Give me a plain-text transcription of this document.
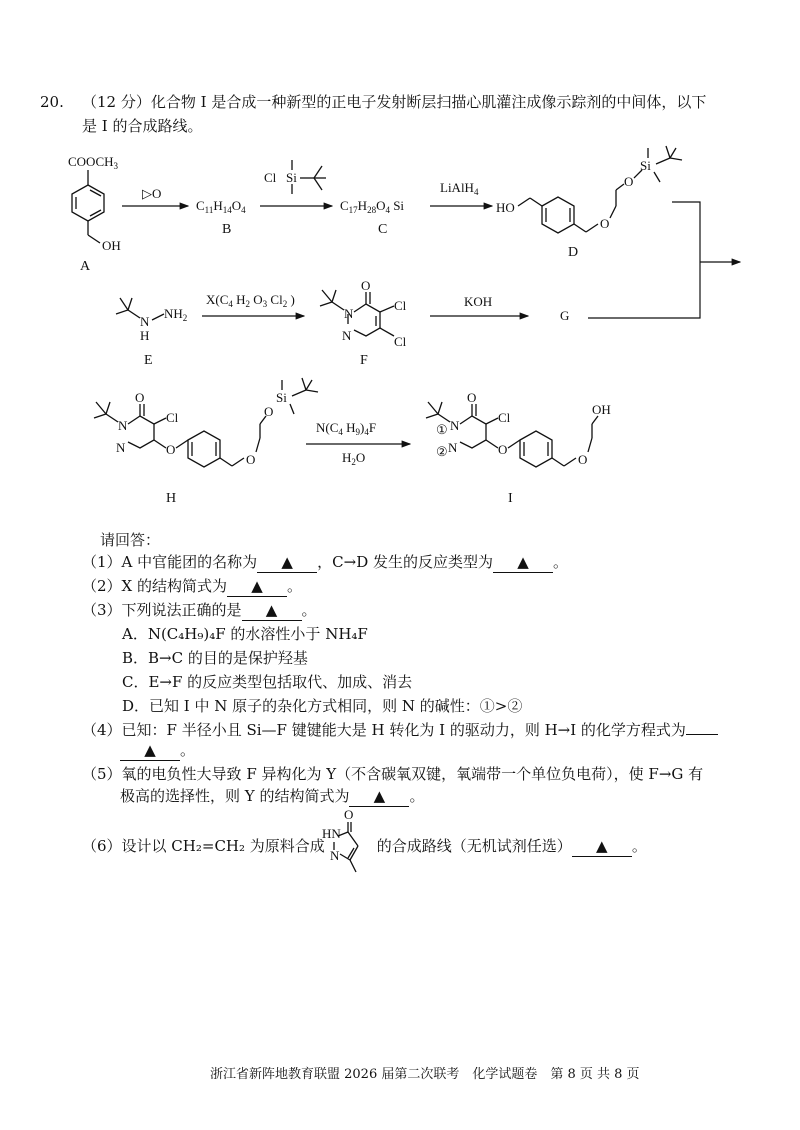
20. （12 分）化合物 I 是合成一种新型的正电子发射断层扫描心肌灌注成像示踪剂的中间体，以下
是 I 的合成路线。
$COOCH_3$
OH
A
▷O
$C_{11}H_{14}O_4$
B
Cl Si
$C_{17}H_{28}O_4$ Si
C
LiAlH$_4$
HO
O
O
Si
D
N
H
$NH_2$
E
$X(C_4$ $H_2$ $O_3$ $Cl_2$ )
N
O
Cl
Cl
N
F
KOH
G
N
O
Cl
N	O
O
O
Si
H
$N(C_4$ $H_9)_4F$
$H_2O$
N
①
O
Cl
N
②	O
O
OH
I
请回答：
（1）A 中官能团的名称为 ▲ ，C→D 发生的反应类型为 ▲ 。
（2）X 的结构简式为 ▲ 。
（3）下列说法正确的是 ▲ 。
A．N(C₄H₉)₄F 的水溶性小于 NH₄F
B．B→C 的目的是保护羟基
C．E→F 的反应类型包括取代、加成、消去
D．已知 I 中 N 原子的杂化方式相同，则 N 的碱性：①>②
（4）已知：F 半径小且 Si—F 键键能大是 H 转化为 I 的驱动力，则 H→I 的化学方程式为
▲ 。
（5）氧的电负性大导致 F 异构化为 Y（不含碳氧双键，氧端带一个单位负电荷），使 F→G 有
极高的选择性，则 Y 的结构简式为 ▲ 。
（6）设计以 CH₂=CH₂ 为原料合成	的合成路线（无机试剂任选） ▲ 。
O
HN
N
浙江省新阵地教育联盟 2026 届第二次联考　化学试题卷　第 8 页 共 8 页
